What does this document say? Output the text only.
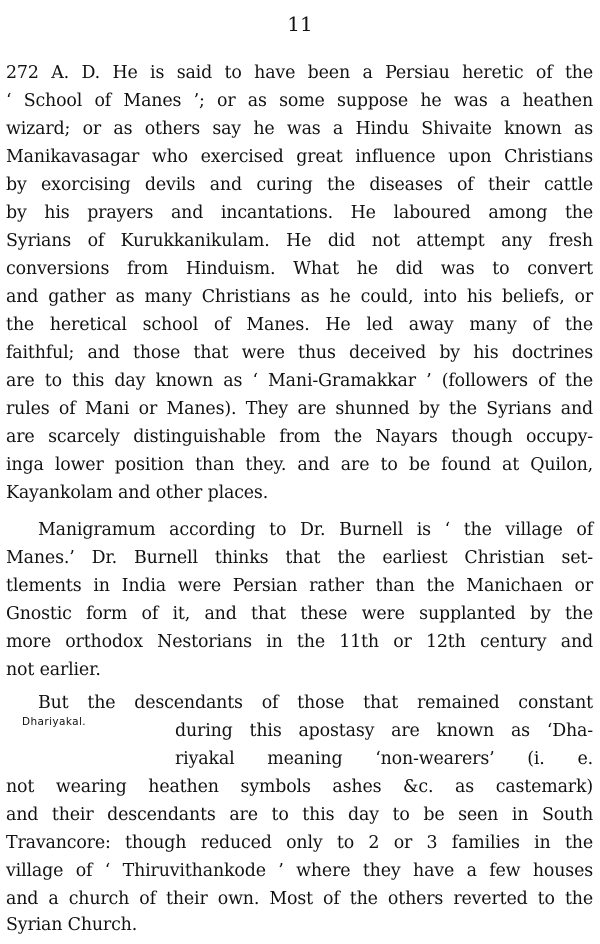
11
272 A. D. He is said to have been a Persiau heretic of the
‘ School of Manes ’; or as some suppose he was a heathen
wizard; or as others say he was a Hindu Shivaite known as
Manikavasagar who exercised great influence upon Christians
by exorcising devils and curing the diseases of their cattle
by his prayers and incantations. He laboured among the
Syrians of Kurukkanikulam. He did not attempt any fresh
conversions from Hinduism. What he did was to convert
and gather as many Christians as he could, into his beliefs, or
the heretical school of Manes. He led away many of the
faithful; and those that were thus deceived by his doctrines
are to this day known as ‘ Mani-Gramakkar ’ (followers of the
rules of Mani or Manes). They are shunned by the Syrians and
are scarcely distinguishable from the Nayars though occupy-
inga lower position than they. and are to be found at Quilon,
Kayankolam and other places.
Manigramum according to Dr. Burnell is ‘ the village of
Manes.’ Dr. Burnell thinks that the earliest Christian set-
tlements in India were Persian rather than the Manichaen or
Gnostic form of it, and that these were supplanted by the
more orthodox Nestorians in the 11th or 12th century and
not earlier.
But the descendants of those that remained constant
Dhariyakal.	during this apostasy are known as ‘Dha-
riyakal meaning ‘non-wearers’ (i. e.
not wearing heathen symbols ashes &c. as castemark)
and their descendants are to this day to be seen in South
Travancore: though reduced only to 2 or 3 families in the
village of ‘ Thiruvithankode ’ where they have a few houses
and a church of their own. Most of the others reverted to the
Syrian Church.
